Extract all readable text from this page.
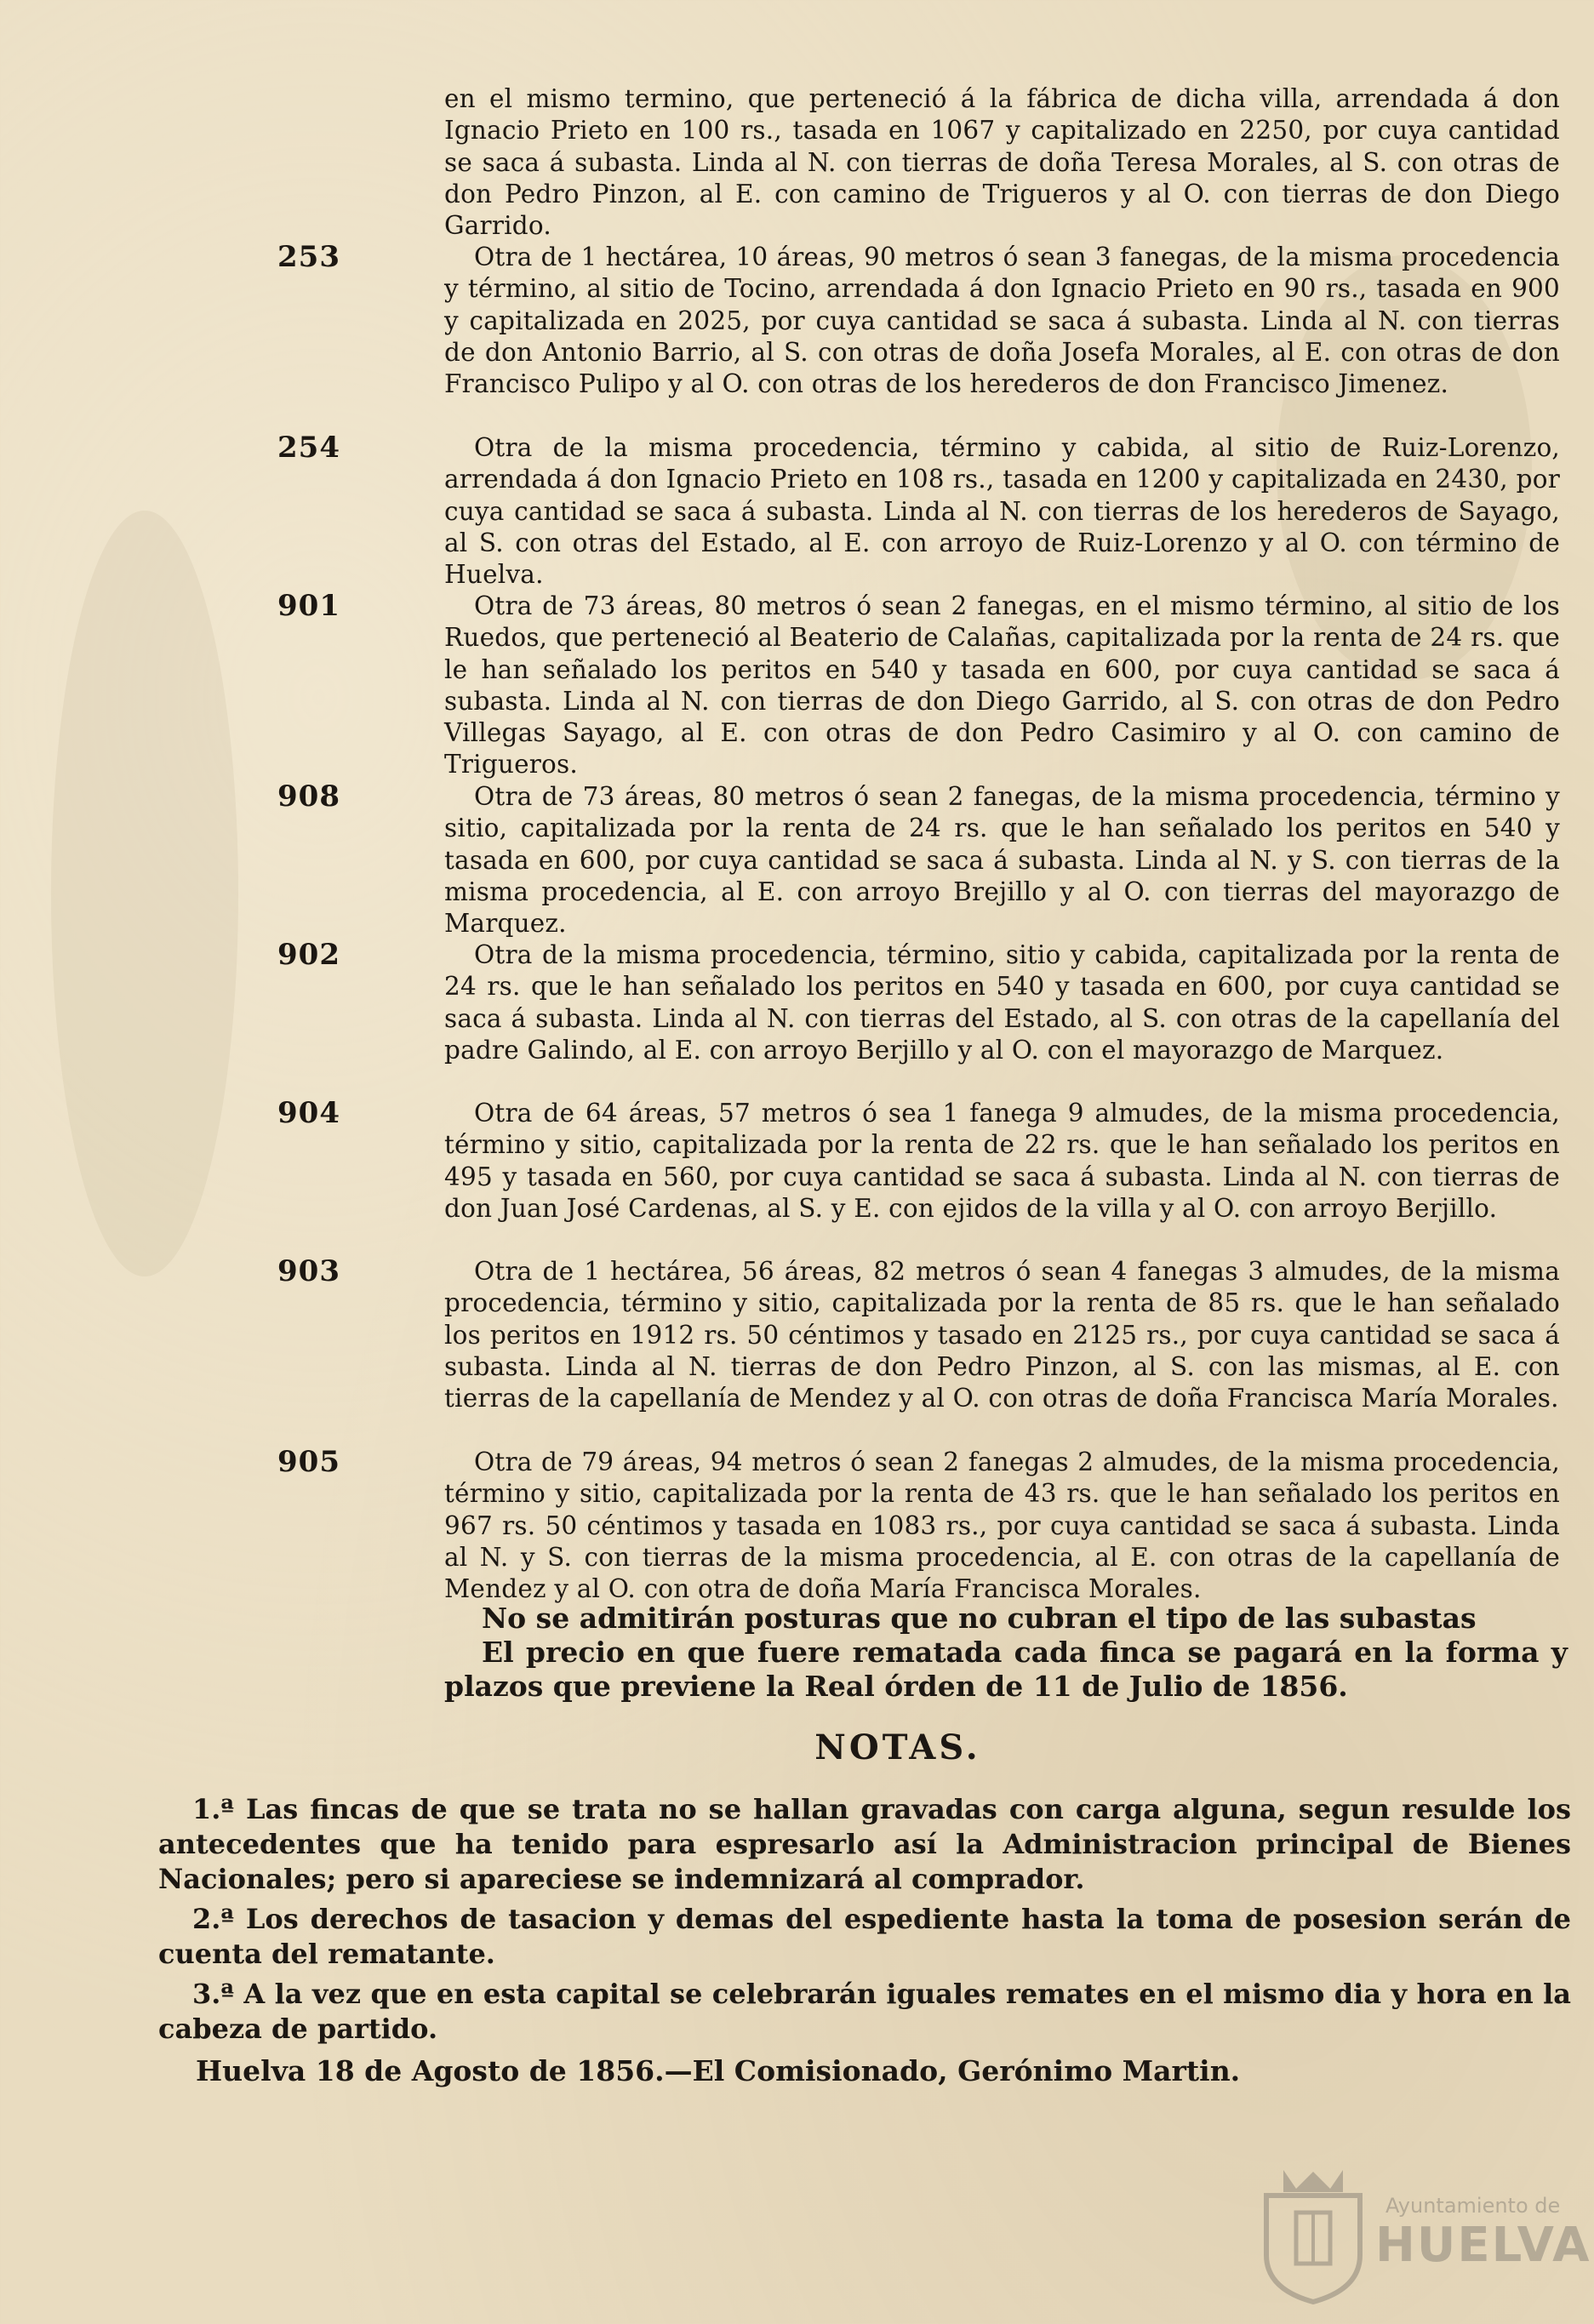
en el mismo termino, que perteneció á la fábrica de dicha villa, arrendada á don Ignacio Prieto en 100 rs., tasada en 1067 y capitalizado en 2250, por cuya cantidad se saca á subasta. Linda al N. con tierras de doña Teresa Morales, al S. con otras de don Pedro Pinzon, al E. con camino de Trigueros y al O. con tierras de don Diego Garrido.

253	Otra de 1 hectárea, 10 áreas, 90 metros ó sean 3 fanegas, de la misma procedencia y término, al sitio de Tocino, arrendada á don Ignacio Prieto en 90 rs., tasada en 900 y capitalizada en 2025, por cuya cantidad se saca á subasta. Linda al N. con tierras de don Antonio Barrio, al S. con otras de doña Josefa Morales, al E. con otras de don Francisco Pulipo y al O. con otras de los herederos de don Francisco Jimenez.

254	Otra de la misma procedencia, término y cabida, al sitio de Ruiz-Lorenzo, arrendada á don Ignacio Prieto en 108 rs., tasada en 1200 y capitalizada en 2430, por cuya cantidad se saca á subasta. Linda al N. con tierras de los herederos de Sayago, al S. con otras del Estado, al E. con arroyo de Ruiz-Lorenzo y al O. con término de Huelva.

901	Otra de 73 áreas, 80 metros ó sean 2 fanegas, en el mismo término, al sitio de los Ruedos, que perteneció al Beaterio de Calañas, capitalizada por la renta de 24 rs. que le han señalado los peritos en 540 y tasada en 600, por cuya cantidad se saca á subasta. Linda al N. con tierras de don Diego Garrido, al S. con otras de don Pedro Villegas Sayago, al E. con otras de don Pedro Casimiro y al O. con camino de Trigueros.

908	Otra de 73 áreas, 80 metros ó sean 2 fanegas, de la misma procedencia, término y sitio, capitalizada por la renta de 24 rs. que le han señalado los peritos en 540 y tasada en 600, por cuya cantidad se saca á subasta. Linda al N. y S. con tierras de la misma procedencia, al E. con arroyo Brejillo y al O. con tierras del mayorazgo de Marquez.

902	Otra de la misma procedencia, término, sitio y cabida, capitalizada por la renta de 24 rs. que le han señalado los peritos en 540 y tasada en 600, por cuya cantidad se saca á subasta. Linda al N. con tierras del Estado, al S. con otras de la capellanía del padre Galindo, al E. con arroyo Berjillo y al O. con el mayorazgo de Marquez.

904	Otra de 64 áreas, 57 metros ó sea 1 fanega 9 almudes, de la misma procedencia, término y sitio, capitalizada por la renta de 22 rs. que le han señalado los peritos en 495 y tasada en 560, por cuya cantidad se saca á subasta. Linda al N. con tierras de don Juan José Cardenas, al S. y E. con ejidos de la villa y al O. con arroyo Berjillo.

903	Otra de 1 hectárea, 56 áreas, 82 metros ó sean 4 fanegas 3 almudes, de la misma procedencia, término y sitio, capitalizada por la renta de 85 rs. que le han señalado los peritos en 1912 rs. 50 céntimos y tasado en 2125 rs., por cuya cantidad se saca á subasta. Linda al N. tierras de don Pedro Pinzon, al S. con las mismas, al E. con tierras de la capellanía de Mendez y al O. con otras de doña Francisca María Morales.

905	Otra de 79 áreas, 94 metros ó sean 2 fanegas 2 almudes, de la misma procedencia, término y sitio, capitalizada por la renta de 43 rs. que le han señalado los peritos en 967 rs. 50 céntimos y tasada en 1083 rs., por cuya cantidad se saca á subasta. Linda al N. y S. con tierras de la misma procedencia, al E. con otras de la capellanía de Mendez y al O. con otra de doña María Francisca Morales.

No se admitirán posturas que no cubran el tipo de las subastas

El precio en que fuere rematada cada finca se pagará en la forma y plazos que previene la Real órden de 11 de Julio de 1856.

NOTAS.

1.ª Las fincas de que se trata no se hallan gravadas con carga alguna, segun resulde los antecedentes que ha tenido para espresarlo así la Administracion principal de Bienes Nacionales; pero si apareciese se indemnizará al comprador.

2.ª Los derechos de tasacion y demas del espediente hasta la toma de posesion serán de cuenta del rematante.

3.ª A la vez que en esta capital se celebrarán iguales remates en el mismo dia y hora en la cabeza de partido.

Huelva 18 de Agosto de 1856.—El Comisionado, Gerónimo Martin.
Ayuntamiento de
HUELVA
